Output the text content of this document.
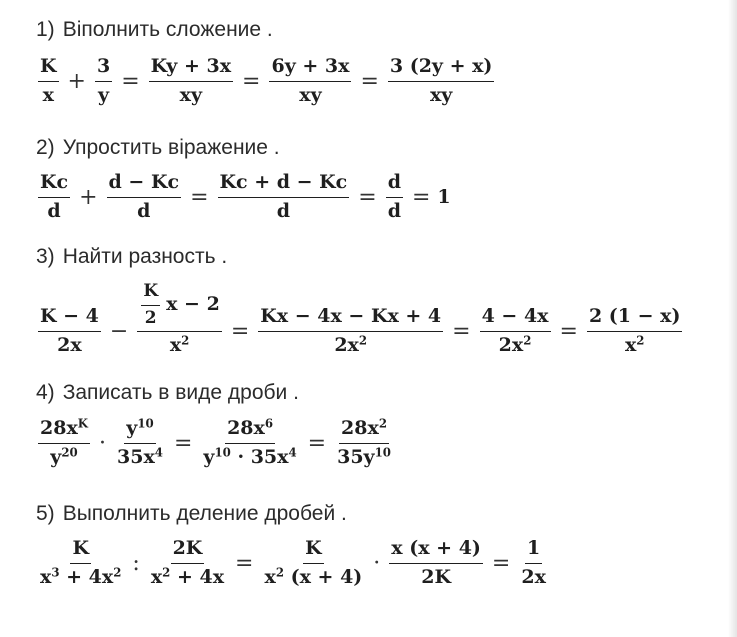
1) Віполнить сложение .
$\frac{K}{x} + \frac{3}{y} = \frac{Ky + 3x}{xy} = \frac{6y + 3x}{xy} = \frac{3 (2y + x)}{xy}$
2) Упростить віражение .
$\frac{Kc}{d} + \frac{d - Kc}{d} = \frac{Kc + d - Kc}{d} = \frac{d}{d} = 1$
3) Найти разность .
$\frac{K - 4}{2x} - \frac{\frac{K}{2} x - 2}{x^2} = \frac{Kx - 4x - Kx + 4}{2x^2} = \frac{4 - 4x}{2x^2} = \frac{2 (1 - x)}{x^2}$
4) Записать в виде дроби .
$\frac{28x^K}{y^{20}} \cdot \frac{y^{10}}{35x^4} = \frac{28x^6}{y^{10} \cdot 35x^4} = \frac{28x^2}{35y^{10}}$
5) Выполнить деление дробей .
$\frac{K}{x^3 + 4x^2}$ : $\frac{2K}{x^2 + 4x} = \frac{K}{x^2 (x + 4)} \cdot \frac{x (x + 4)}{2K} = \frac{1}{2x}$
